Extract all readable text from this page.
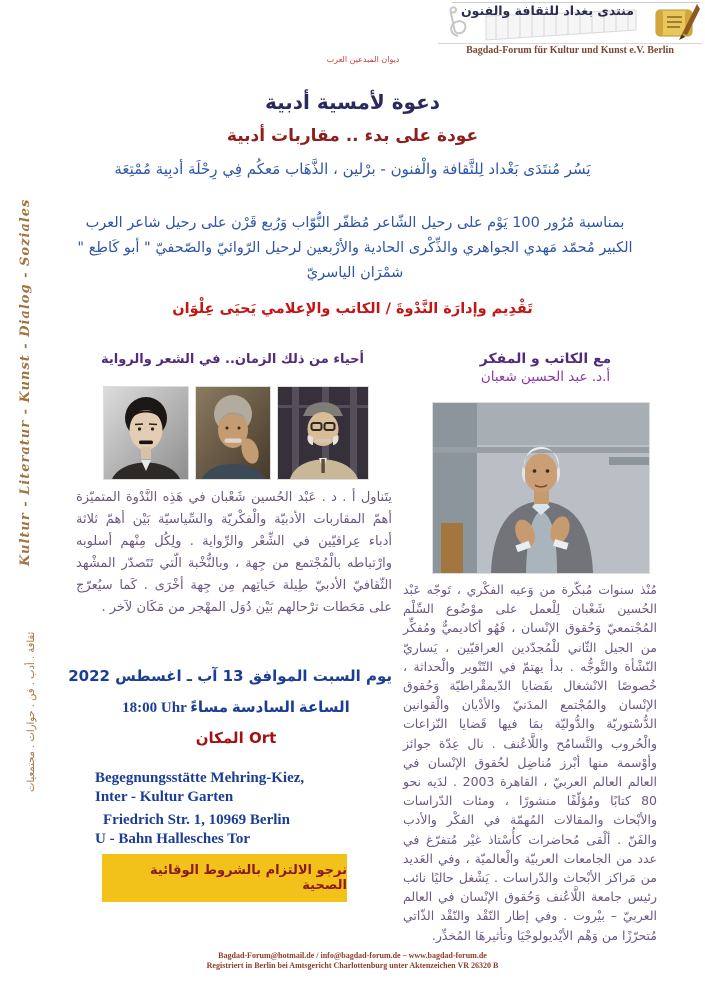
Kultur - Literatur - Kunst - Dialog - Soziales
ثقافة . أدب . فن . حوارات . مجتمعيات
منتدى بغداد للثقافة والفنون
Bagdad-Forum für Kultur und Kunst e.V. Berlin
ديوان المبدعين العرب
دعوة لأمسية أدبية
عودة على بدء .. مقاربات أدبية
يَسُر مُنتَدَى بَغْداد لِلثَّقافة والْفنون - برْلين ، الذَّهَاب مَعكُم فِي رِحْلَة أدبِية مُمْتِعَة
بمناسبة مُرُور 100 يَوْم على رحيل الشّاعر مُظفّر النُّوّاب وَرُبع قَرْن على رحيل شاعر العرب الكبير مُحمّد مَهدي الجواهري والذِّكْرى الحادية والأرْبعين لرحيل الرّوائيّ والصّحفيّ " أبو كَاطِع " شمْرَان الياسريّ
تَقْدِيم وإدارَة النَّدْوةَ / الكاتب والإعلامي يَحيَى عِلْوَان
أحياء من ذلك الزمان.. في الشعر والرواية	مع الكاتب و المفكر
أ.د. عبد الحسين شعبان
يتَناول أ . د . عَبْد الحُسين شَعْبان في هَذِه النَّدْوة المتميّزة أهمّ المقاربات الأدبيّة والْفكْريّة والسِّياسيّة بَيْن أهمّ ثلاثة أدباء عِراقيّين في الشِّعْر والرِّواية . ولِكُل مِنْهم أسلوبه وارْتباطه بالْمُجْتمع من جِهة ، وبالنُّخْبة الّتي تَتَصدّر المشْهد الثّقافيّ الأدبيّ طِيلة حَياتِهم مِن جِهة أخْرَى . كَما سيُعرّج على مَحَطات ترْحالهم بَيْن دُوَل المهْجر من مَكَان لآخر .
يوم السبت الموافق 13 آب ـ اغسطس 2022
18:00 Uhr الساعة السادسة مساءً
المكان Ort
Begegnungsstätte Mehring-Kiez,
Inter - Kultur Garten
Friedrich Str. 1, 10969 Berlin
U - Bahn Hallesches Tor
نرجو الالتزام بالشروط الوقائية الصحية
مُنْذ سنوات مُبكّرة من وَعيه الفكْري ، تَوجّه عَبْد الحُسين شَعْبان لِلْعمل على موْضُوع السِّلْم المُجْتمعيّ وَحُقوق الإنْسان ، فَهُو أكاديميٌّ ومُفكِّر من الجيل الثّاني للْمُجدّدين العراقيّين ، يَساريّ النّشْأة والتَّوجُّه . بدأ يهتمّ في التّنْوير والْحداثة ، خُصوصًا الانْشغال بقَضايا الدّيمقْراطيّة وَحُقوق الإنْسان والمُجْتمع المدَنيّ والأدْيان والْقوانين الدُّسْتوريّة والدُّوليّة بمَا فيها قَضايا النّزاعات والْحُروب والتَّسامُح واللَّاعُنف . نال عِدّة جوائز وأوْسمة منها أبْرز مُناضِل لحُقوق الإنْسان في العالم العالم العربيّ ، القاهرة 2003 . لدَيه نحو 80 كتابًا ومُؤلّفًا منشورًا ، ومئات الدّراسات والأبْحاث والمقالات المُهمّة في الفكْر والأدب والفَنّ . ألْقى مُحاضرات كأُسْتاذ غيْر مُتفرّغ في عدد من الجامعات العربيّة والْعالميّة ، وفي العَديد من مَراكز الأبْحاث والدّراسات . يَشْغل حاليًا نائب رئيس جامعة اللَّاعُنف وَحُقوق الإنْسان في العالم العربيّ – بيْروت . وفي إطار النّقْد والنّقْد الذّاتي مُتحرّزًا من وَهْم الأيْديولوجْيَا وتأثيرهَا المُخدِّر.
Bagdad-Forum@hotmail.de / info@bagdad-forum.de – www.bagdad-forum.de
Registriert in Berlin bei Amtsgericht Charlottenburg unter Aktenzeichen VR 26320 B
